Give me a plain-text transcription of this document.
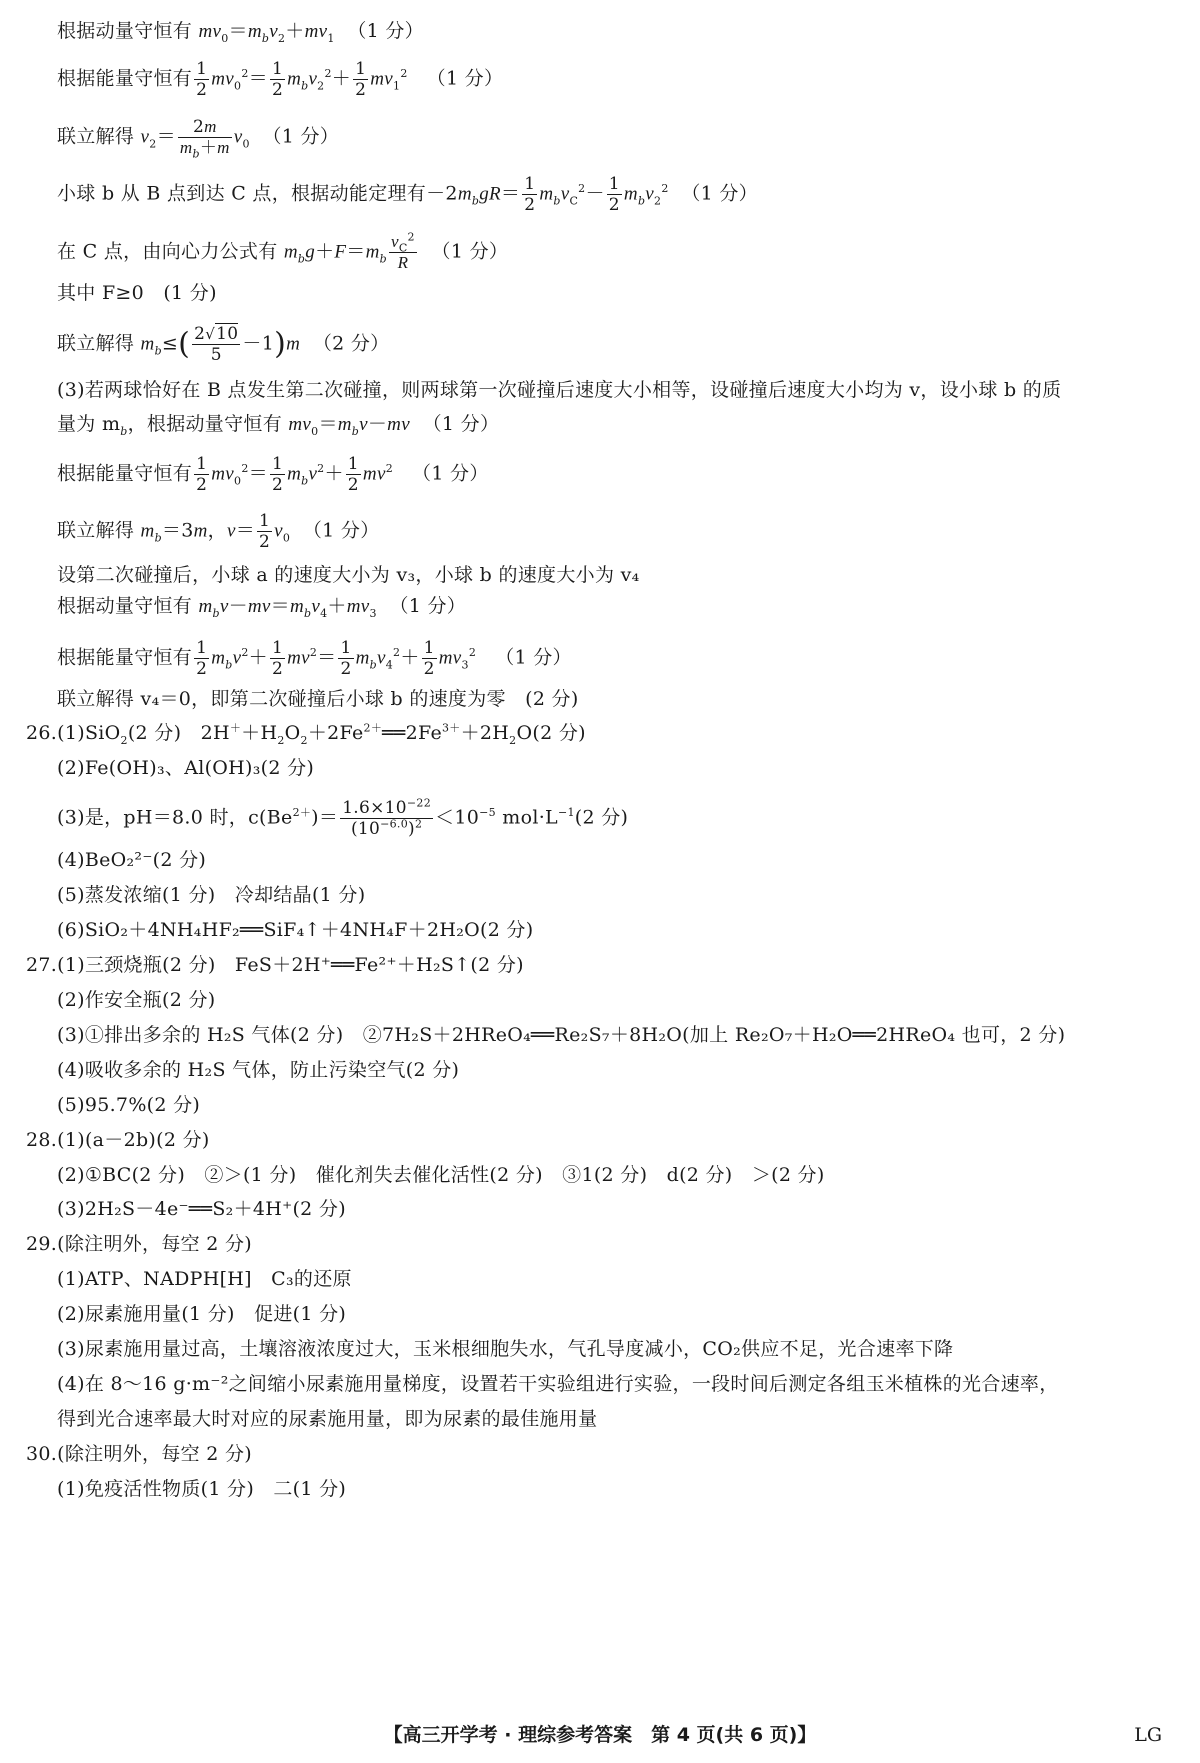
根据动量守恒有 $mv_0=m_bv_2+mv_1$ （1 分）
根据能量守恒有 $\frac{1}{2} mv_0^2= \frac{1}{2} m_bv_2^2+ \frac{1}{2} mv_1^2$ （1 分）
联立解得 $v_2= \frac{2m}{m_b+m} v_0$ （1 分）
小球 b 从 B 点到达 C 点，根据动能定理有$-2m_bgR= \frac{1}{2} m_bv_C^2- \frac{1}{2} m_bv_2^2$ （1 分）
在 C 点，由向心力公式有 $m_bg+F=m_b \frac{v_C^2}{R} (1$ 分）
其中 F≥0　(1 分)
联立解得 $m_b\le( \frac{2√10}{5} -1)m$ （2 分）
(3)若两球恰好在 B 点发生第二次碰撞，则两球第一次碰撞后速度大小相等，设碰撞后速度大小均为 v，设小球 b 的质
量为 $m_b$，根据动量守恒有 $mv_0=m_bv-mv$ （1 分）
根据能量守恒有 $\frac{1}{2} mv_0^2= \frac{1}{2} m_bv^2+ \frac{1}{2} mv^2$ （1 分）
联立解得 $m_b=3m$，$v= \frac{1}{2} v_0$ （1 分）
设第二次碰撞后，小球 a 的速度大小为 v₃，小球 b 的速度大小为 v₄
根据动量守恒有 $m_bv-mv=m_bv_4+mv_3$ （1 分）
根据能量守恒有 $\frac{1}{2} m_bv^2+ \frac{1}{2} mv^2= \frac{1}{2} m_bv_4^2+ \frac{1}{2} mv_3^2$ （1 分）
联立解得 v₄＝0，即第二次碰撞后小球 b 的速度为零　(2 分)
26.(1)SiO$_2$(2 分)　$2H^++H_2O_2+2Fe^{2+}══2Fe^{3+}+2H_2O(2$ 分)
(2)Fe(OH)₃、Al(OH)₃(2 分)
(3)是，pH＝8.0 时，$c(Be^{2+})= \frac{1.6\times 10^{-22}}{(10^{-6.0})^2} <10^{-5}$ $mol\cdot L^{-1}(2$ 分)
(4)BeO₂²⁻(2 分)
(5)蒸发浓缩(1 分)　冷却结晶(1 分)
(6)SiO₂＋4NH₄HF₂══SiF₄↑＋4NH₄F＋2H₂O(2 分)
27.(1)三颈烧瓶(2 分)　FeS＋2H⁺══Fe²⁺＋H₂S↑(2 分)
(2)作安全瓶(2 分)
(3)①排出多余的 H₂S 气体(2 分)　②7H₂S＋2HReO₄══Re₂S₇＋8H₂O(加上 Re₂O₇＋H₂O══2HReO₄ 也可，2 分)
(4)吸收多余的 H₂S 气体，防止污染空气(2 分)
(5)95.7%(2 分)
28.(1)(a－2b)(2 分)
(2)①BC(2 分)　②＞(1 分)　催化剂失去催化活性(2 分)　③1(2 分)　d(2 分)　＞(2 分)
(3)2H₂S－4e⁻══S₂＋4H⁺(2 分)
29.(除注明外，每空 2 分)
(1)ATP、NADPH[H]　C₃的还原
(2)尿素施用量(1 分)　促进(1 分)
(3)尿素施用量过高，土壤溶液浓度过大，玉米根细胞失水，气孔导度减小，CO₂供应不足，光合速率下降
(4)在 8～16 g·m⁻²之间缩小尿素施用量梯度，设置若干实验组进行实验，一段时间后测定各组玉米植株的光合速率，
得到光合速率最大时对应的尿素施用量，即为尿素的最佳施用量
30.(除注明外，每空 2 分)
(1)免疫活性物质(1 分)　二(1 分)
【高三开学考 · 理综参考答案　第 4 页(共 6 页)】	LG
